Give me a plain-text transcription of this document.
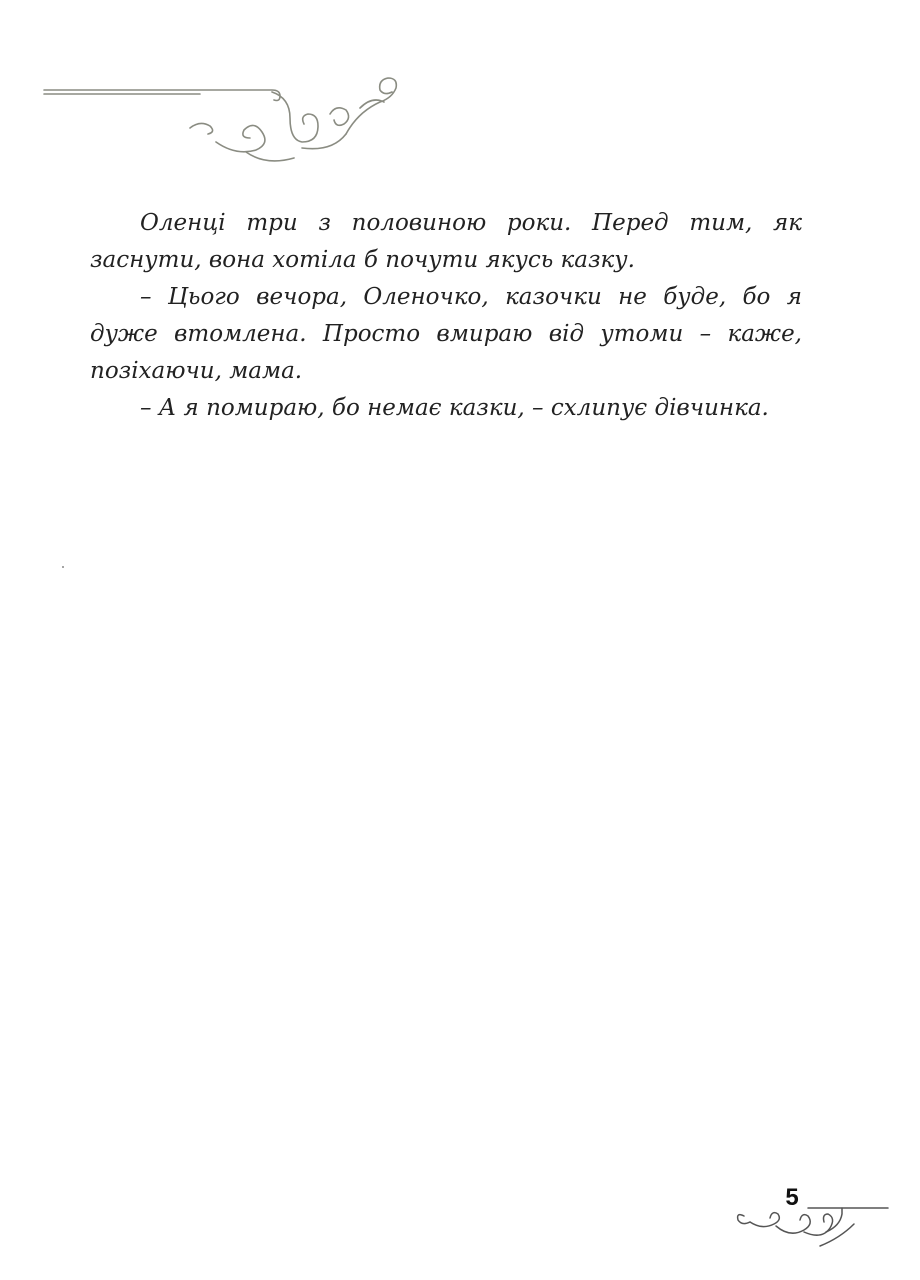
Оленці три з половиною роки. Перед тим, як заснути, вона хотіла б почути якусь казку.

– Цього вечора, Оленочко, казочки не буде, бо я дуже втомлена. Просто вмираю від утоми – каже, позіхаючи, мама.

– А я помираю, бо немає казки, – схлипує дівчинка.

5
